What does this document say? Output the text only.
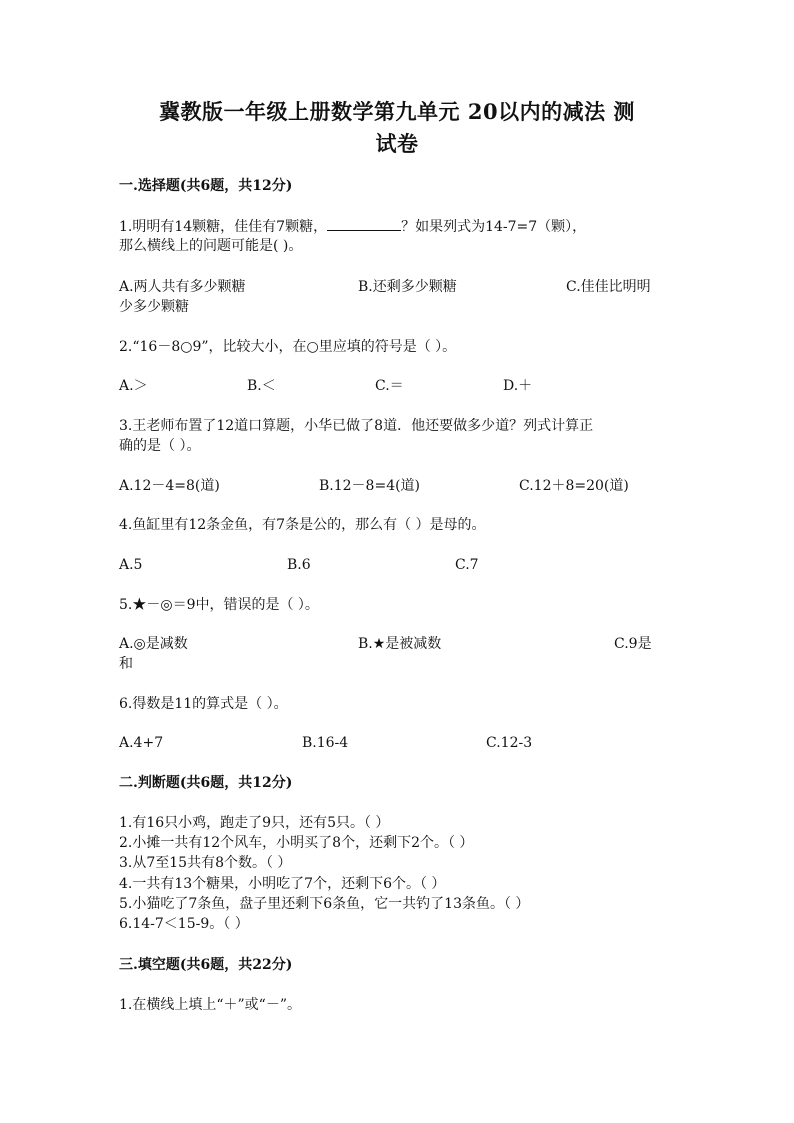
冀教版一年级上册数学第九单元 20以内的减法 测
试卷
一.选择题(共6题，共12分)
1.明明有14颗糖，佳佳有7颗糖，	？如果列式为14-7=7（颗），
那么横线上的问题可能是( )。
A.两人共有多少颗糖	B.还剩多少颗糖	C.佳佳比明明
少多少颗糖
2.“16－8○9”，比较大小，在○里应填的符号是（ ）。
A.＞	B.＜	C.＝	D.＋
3.王老师布置了12道口算题，小华已做了8道．他还要做多少道？列式计算正
确的是（ ）。
A.12－4=8(道)	B.12－8=4(道)	C.12＋8=20(道)
4.鱼缸里有12条金鱼，有7条是公的，那么有（ ）是母的。
A.5	B.6	C.7
5.★－◎＝9中，错误的是（ ）。
A.◎是减数	B.★是被减数	C.9是
和
6.得数是11的算式是（ ）。
A.4+7	B.16-4	C.12-3
二.判断题(共6题，共12分)
1.有16只小鸡，跑走了9只，还有5只。（ ）
2.小摊一共有12个风车，小明买了8个，还剩下2个。（ ）
3.从7至15共有8个数。（ ）
4.一共有13个糖果，小明吃了7个，还剩下6个。（ ）
5.小猫吃了7条鱼，盘子里还剩下6条鱼，它一共钓了13条鱼。（ ）
6.14-7＜15-9。（ ）
三.填空题(共6题，共22分)
1.在横线上填上“＋”或“－”。
